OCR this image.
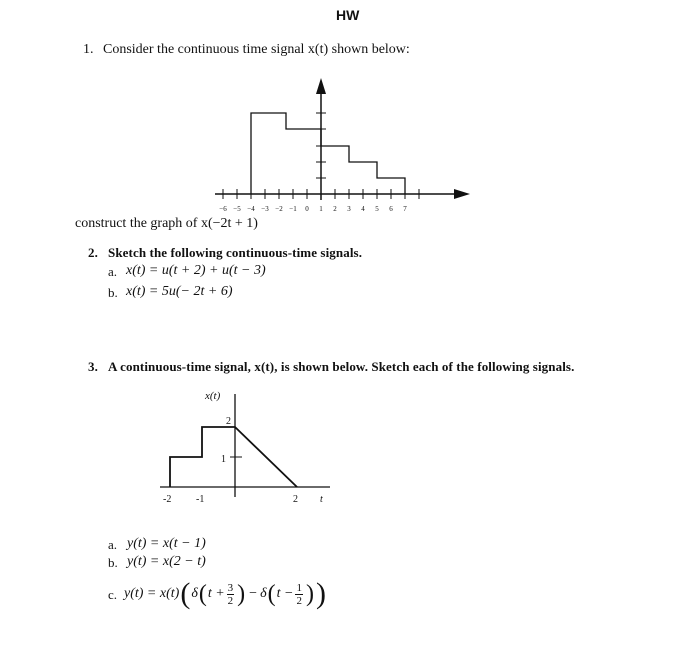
HW
1. Consider the continuous time signal x(t) shown below:
−6 −5 −4 −3 −2 −1 0 1 2 3 4 5 6 7
construct the graph of x(−2t + 1)
2. Sketch the following continuous-time signals.
a. x(t) = u(t + 2) + u(t − 3)
b. x(t) = 5u(− 2t + 6)
3. A continuous-time signal, x(t), is shown below. Sketch each of the following signals.
x(t)
2
1
-2 -1	2 t
a. y(t) = x(t − 1)
b. y(t) = x(2 − t)
c. y(t) = x(t) ( δ ( $t + \frac{3}{2}$ ) − δ ( $t - \frac{1}{2}$ ) )
